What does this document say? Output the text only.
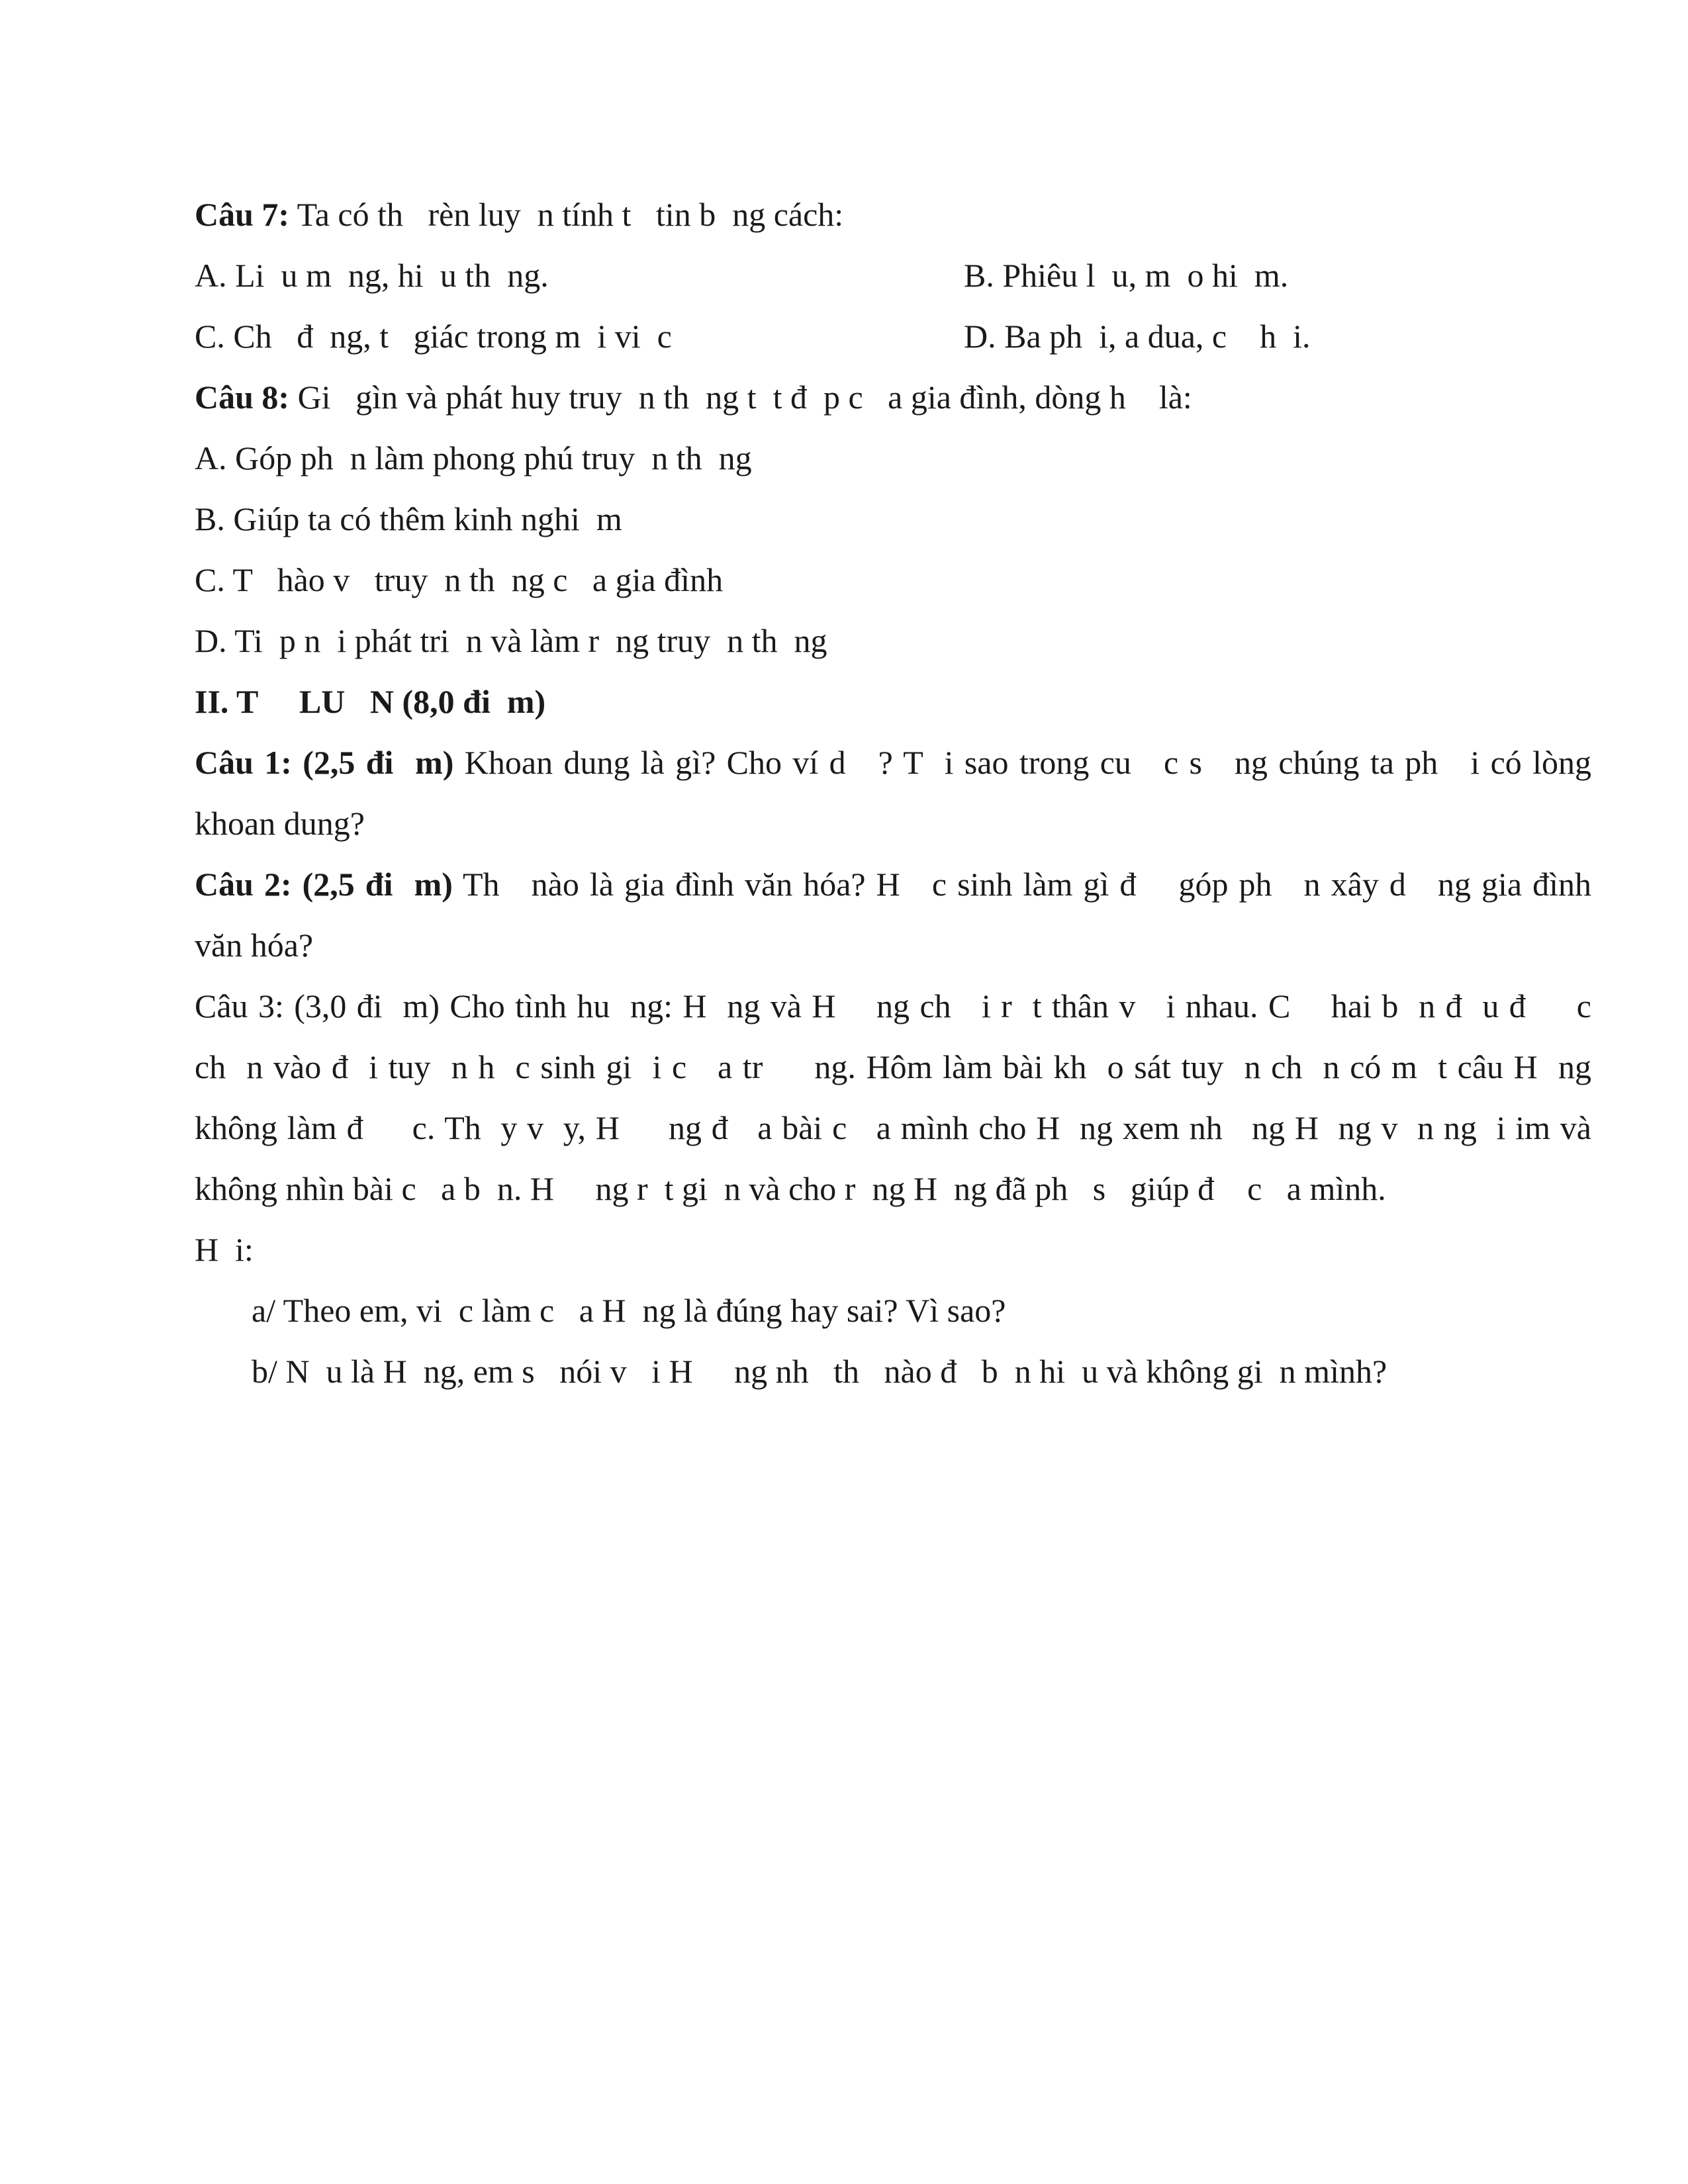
Câu 7: Ta có th   rèn luy  n tính t   tin b  ng cách:
A. Li  u m  ng, hi  u th  ng.	B. Phiêu l  u, m  o hi  m.
C. Ch   đ  ng, t   giác trong m  i vi  c	D. Ba ph  i, a dua, c    h  i.
Câu 8: Gi   gìn và phát huy truy  n th  ng t  t đ  p c   a gia đình, dòng h    là:
A. Góp ph  n làm phong phú truy  n th  ng
B. Giúp ta có thêm kinh nghi  m
C. T   hào v   truy  n th  ng c   a gia đình
D. Ti  p n  i phát tri  n và làm r  ng truy  n th  ng
II. T     LU   N (8,0 đi  m)
Câu 1: (2,5 đi  m) Khoan dung là gì? Cho ví d   ? T  i sao trong cu   c s   ng chúng ta ph   i có lòng
khoan dung?
Câu 2: (2,5 đi  m) Th   nào là gia đình văn hóa? H   c sinh làm gì đ    góp ph   n xây d   ng gia đình
văn hóa?
Câu 3: (3,0 đi  m) Cho tình hu  ng: H  ng và H    ng ch   i r  t thân v   i nhau. C    hai b  n đ  u đ     c
ch  n vào đ  i tuy  n h  c sinh gi  i c   a tr     ng. Hôm làm bài kh  o sát tuy  n ch  n có m  t câu H  ng
không làm đ     c. Th  y v  y, H     ng đ   a bài c   a mình cho H  ng xem nh   ng H  ng v  n ng  i im và
không nhìn bài c   a b  n. H     ng r  t gi  n và cho r  ng H  ng đã ph   s   giúp đ    c   a mình.
H  i:
a/ Theo em, vi  c làm c   a H  ng là đúng hay sai? Vì sao?
b/ N  u là H  ng, em s   nói v   i H     ng nh   th   nào đ   b  n hi  u và không gi  n mình?
